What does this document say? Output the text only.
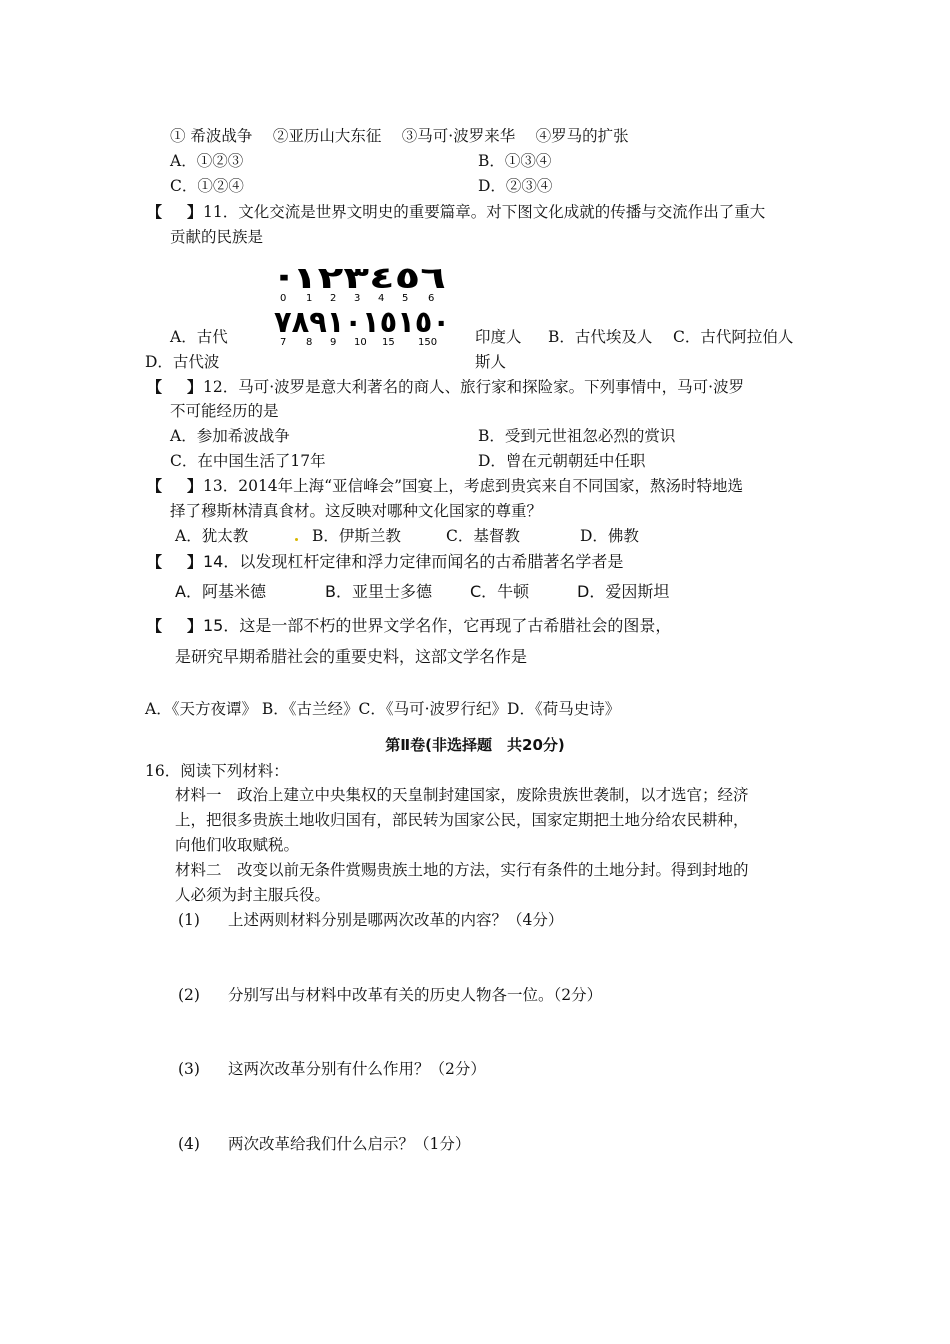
① 希波战争　 ②亚历山大东征　 ③马可·波罗来华　 ④罗马的扩张
A．①②③	B．①③④
C．①②④	D．②③④
【 】 11．文化交流是世界文明史的重要篇章。对下图文化成就的传播与交流作出了重大
贡献的民族是
·١٢٣٤٥٦
0 1 2 3 4 5 6
٧٨٩١٠١٥١٥٠
7 8 9 10 15 150
A．古代	印度人 B．古代埃及人 C．古代阿拉伯人
D．古代波	斯人
【 】 12．马可·波罗是意大利著名的商人、旅行家和探险家。下列事情中，马可·波罗
不可能经历的是
A．参加希波战争	B．受到元世祖忽必烈的赏识
C．在中国生活了17年	D．曾在元朝朝廷中任职
【 】 13．2014年上海“亚信峰会”国宴上，考虑到贵宾来自不同国家，熬汤时特地选
择了穆斯林清真食材。这反映对哪种文化国家的尊重？
A．犹太教	B．伊斯兰教	C．基督教	D．佛教
【 】 14．以发现杠杆定律和浮力定律而闻名的古希腊著名学者是
A．阿基米德	B．亚里士多德 C．牛顿	D．爱因斯坦
【 】 15．这是一部不朽的世界文学名作，它再现了古希腊社会的图景，
是研究早期希腊社会的重要史料，这部文学名作是
A．《天方夜谭》 B．《古兰经》C．《马可·波罗行纪》D．《荷马史诗》
第Ⅱ卷(非选择题　共20分)
16．阅读下列材料：
材料一　政治上建立中央集权的天皇制封建国家，废除贵族世袭制，以才选官；经济
上，把很多贵族土地收归国有，部民转为国家公民，国家定期把土地分给农民耕种，
向他们收取赋税。
材料二　改变以前无条件赏赐贵族土地的方法，实行有条件的土地分封。得到封地的
人必须为封主服兵役。
(1) 上述两则材料分别是哪两次改革的内容？（4分）
(2) 分别写出与材料中改革有关的历史人物各一位。（2分）
(3) 这两次改革分别有什么作用？（2分）
(4) 两次改革给我们什么启示？（1分）
